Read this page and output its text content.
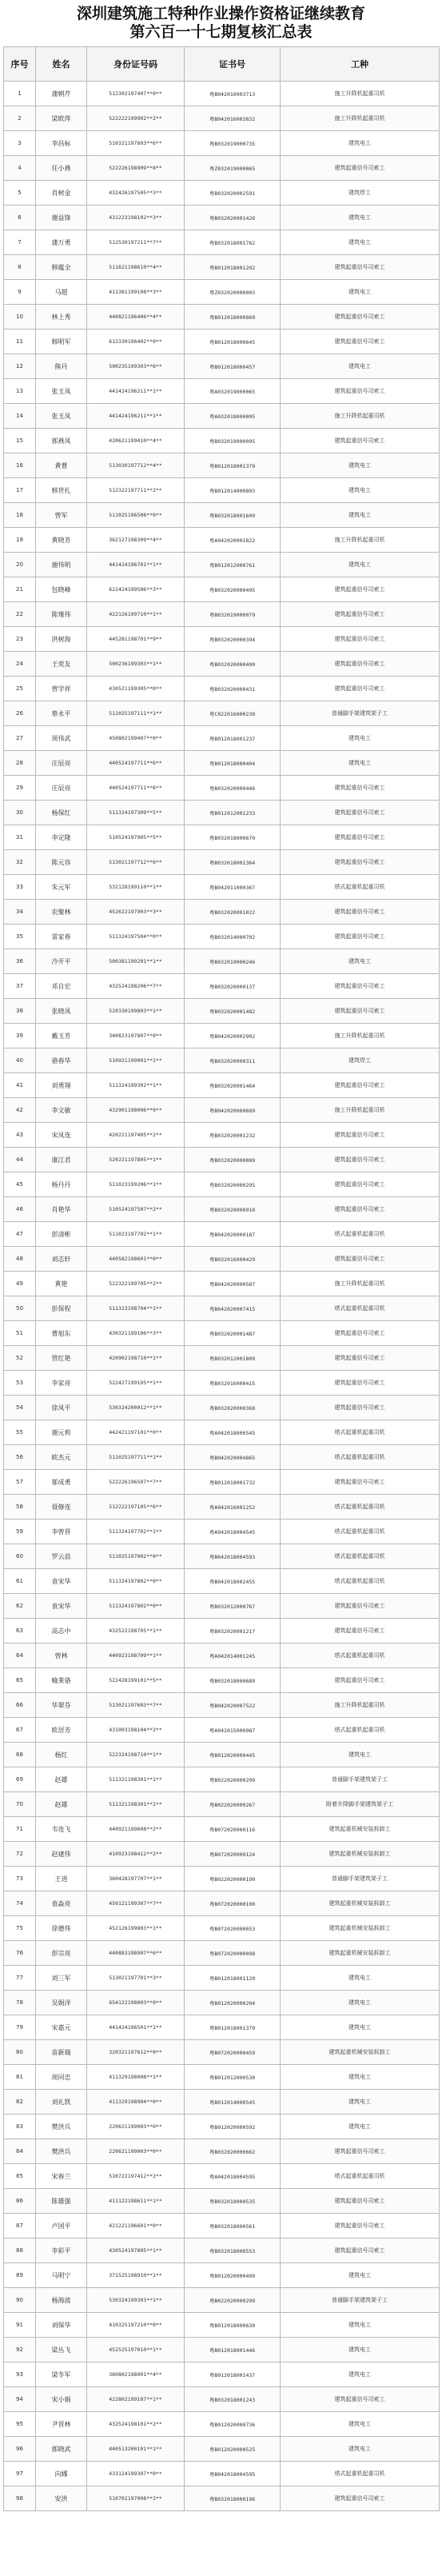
深圳建筑施工特种作业操作资格证继续教育
第六百一十七期复核汇总表
序号	姓名	身份证号码	证书号	工种
1	蒲朝芹	512302197407**0**	粤B042010003713	施工升降机起重司机
2	梁欧萍	522222199902**2**	粤B042016003832	施工升降机起重司机
3	李昌标	510321197603**6**	粤B032019000735	建筑电工
4	任小燕	522226198909**8**	粤Z032019000065	建筑起重信号司索工
5	肖树金	432426197505**3**	粤B032020002591	建筑焊工
6	谢益锋	431223198102**3**	粤B032020001426	建筑电工
7	蒲万勇	512530197211**7**	粤B032018001762	建筑电工
8	韩蕴全	511621198610**4**	粤B012018001202	建筑起重信号司索工
9	马超	411381199108**3**	粤Z032020000003	建筑电工
10	林上秀	440821196406**4**	粤B012018000869	建筑起重信号司索工
11	韩明军	612330196402**0**	粤B012018000645	建筑起重信号司索工
12	熊丹	500235199303**6**	粤B012018000457	建筑电工
13	张玉凤	441424196211**1**	粤A032019000065	建筑起重信号司索工
14	张玉凤	441424196211**1**	粤A032018000005	施工升降机起重司机
15	郭燕凤	420621199410**4**	粤B032019000095	建筑起重信号司索工
16	黄曹	513030197712**4**	粤B012018001379	建筑电工
17	韩世扎	512322197711**2**	粤B012014000803	建筑电工
18	曾军	511025196508**0**	粤B032018001609	建筑电工
19	黄晓芳	362127198309**4**	粤A042020001822	施工升降机起重司机
20	谢伟明	441424196701**1**	粤B012012000761	建筑电工
21	包晓峰	622424199506**3**	粤B032020000495	建筑起重信号司索工
22	陈瑾伟	422126199710**1**	粤B032019000079	建筑起重信号司索工
23	洪树海	445281198701**9**	粤B032020000394	建筑起重信号司索工
24	王奕友	500236199303**1**	粤B032020000400	建筑起重信号司索工
25	曾学祥	430521199305**0**	粤B032020000431	建筑起重信号司索工
26	蔡永平	511025197111**1**	粤C022016000230	普通脚手架建筑架子工
27	周伟武	450802199407**0**	粤B012018001237	建筑电工
28	庄辰亮	440524197711**6**	粤B012018000404	建筑电工
29	庄辰亮	440524197711**6**	粤B032020000446	建筑起重信号司索工
30	杨保红	511324197309**5**	粤B012012001233	建筑起重信号司索工
31	李定隆	510524197905**5**	粤B032018000670	建筑起重信号司索工
32	陈元容	513021197712**6**	粤B032018001364	建筑起重信号司索工
33	朱元军	532128199110**1**	粤B042011000367	塔式起重机起重司机
34	农聚林	452622197903**3**	粤B032020001022	建筑起重信号司索工
35	雷家春	511324197504**0**	粤B032014000702	建筑起重信号司索工
36	冷开平	500381199201**1**	粤B032019000246	建筑电工
37	邓自宏	432524198206**7**	粤B032020000137	建筑起重信号司索工
38	张晓凤	520330199803**1**	粤B032020001482	建筑起重信号司索工
39	戴玉芳	340823197807**0**	粤B042020002902	施工升降机起重司机
40	骆春华	510921199001**1**	粤B032020000311	建筑焊工
41	刘勇翔	511324199302**1**	粤B032020001464	建筑起重信号司索工
42	李文敏	432901198006**9**	粤B042020000669	施工升降机起重司机
43	宋凤连	420221197405**2**	粤B032020001232	建筑起重信号司索工
44	康江君	520221197805**1**	粤B032020000089	建筑起重信号司索工
45	杨丹丹	511023199206**1**	粤B032020000295	建筑起重信号司索工
46	肖艳华	510524197507**2**	粤B032020000910	建筑起重信号司索工
47	彭清彬	511023197702**1**	粤B042020000187	塔式起重机起重司机
48	刘志轩	440582198601**0**	粤B032016000429	建筑起重信号司索工
49	黄艳	522322199705**2**	粤B042020000587	施工升降机起重司机
50	彭保程	511323198704**1**	粤B042020007415	塔式起重机起重司机
51	曹旭东	430321199106**3**	粤B032020001487	建筑起重信号司索工
52	管红艳	420902198710**1**	粤B032012001809	建筑起重信号司索工
53	李家亮	522427199105**1**	粤B032016000415	建筑起重信号司索工
54	徐凤平	530324200012**1**	粤B032020000368	建筑起重信号司索工
55	谢元莉	442421197101**0**	粤A042018000545	塔式起重机起重司机
56	欧杰元	511025197711**1**	粤B042020004865	塔式起重机起重司机
57	郁成勇	522226196507**7**	粤B012018001732	建筑起重信号司索工
58	聂修连	512222197105**6**	粤A042016001252	塔式起重机起重司机
59	李曾晋	511324197702**1**	粤A042018004545	塔式起重机起重司机
60	罗云浪	511025197002**0**	粤B042018004593	塔式起重机起重司机
61	袁宋华	511324197802**0**	粤B042018002455	塔式起重机起重司机
62	袁宋华	511324197802**0**	粤B032012000767	建筑起重信号司索工
63	高志中	432522198705**1**	粤B032020001217	建筑起重信号司索工
64	曾林	440923198709**1**	粤A042014001245	塔式起重机起重司机
65	喻莱骆	522428199101**5**	粤B032018000689	建筑起重信号司索工
66	华翠芬	513021197603**7**	粤B042020007522	施工升降机起重司机
67	欧居芳	431003198104**2**	粤A042015000987	塔式起重机起重司机
68	杨红	522324198710**1**	粤B012020000445	建筑电工
69	赵雄	511321198301**1**	粤B022020000299	普通脚手架建筑架子工
70	赵雄	511321198301**1**	粤B022020000267	附着升降脚手架建筑架子工
71	韦连飞	440921199608**2**	粤B072020000116	建筑起重机械安装拆卸工
72	赵建伟	410923198412**2**	粤B072020000124	建筑起重机械安装拆卸工
73	王进	360428197707**1**	粤B022020000190	普通脚手架建筑架子工
74	袁淼亮	450121199307**7**	粤B072020000190	建筑起重机械安装拆卸工
75	徐德伟	452126199803**1**	粤B072020000053	建筑起重机械安装拆卸工
76	彭宗亮	440883198907**6**	粤B072020000098	建筑起重机械安装拆卸工
77	刘三军	513021197701**3**	粤B012018001120	建筑电工
78	吴娟洋	654122198003**0**	粤B012020000204	建筑电工
79	宋嘉元	441424196501**1**	粤B012018001379	建筑电工
80	苗新瑞	320321197612**0**	粤B072020000459	建筑起重机械安装拆卸工
81	周同忠	411329198008**1**	粤B012012000530	建筑电工
82	刘礼凯	411329198904**0**	粤B012014000545	建筑电工
83	樊洪兵	220621199003**0**	粤B012020000592	建筑电工
84	樊洪兵	220621199003**0**	粤B032020000662	建筑起重信号司索工
85	宋春兰	510722197412**2**	粤A042018004595	塔式起重机起重司机
86	陈雄强	411122198611**1**	粤B032018000535	建筑起重信号司索工
87	卢国平	421221196601**0**	粤B032018000561	建筑起重信号司索工
88	李彩平	430524197805**1**	粤B032018000553	建筑起重信号司索工
89	马明宁	371525198910**1**	粤B012020000499	建筑电工
90	杨海波	530324199303**1**	粤B022020000299	普通脚手架建筑架子工
91	刘保华	410325197210**0**	粤B012018000630	建筑电工
92	梁丛飞	452525197010**1**	粤B012018001446	建筑电工
93	梁冬军	360802198901**4**	粤B012018001437	建筑电工
94	宋小娟	422802199107**1**	粤B032018001243	建筑起重信号司索工
95	尹晋林	432524198101**2**	粤B012020000736	建筑电工
96	郭晓武	440513200101**1**	粤B012020000525	建筑电工
97	向娜	433124199307**0**	粤B042018004595	塔式起重机起重司机
98	安洪	510702197008**2**	粤B032018000196	建筑起重信号司索工
